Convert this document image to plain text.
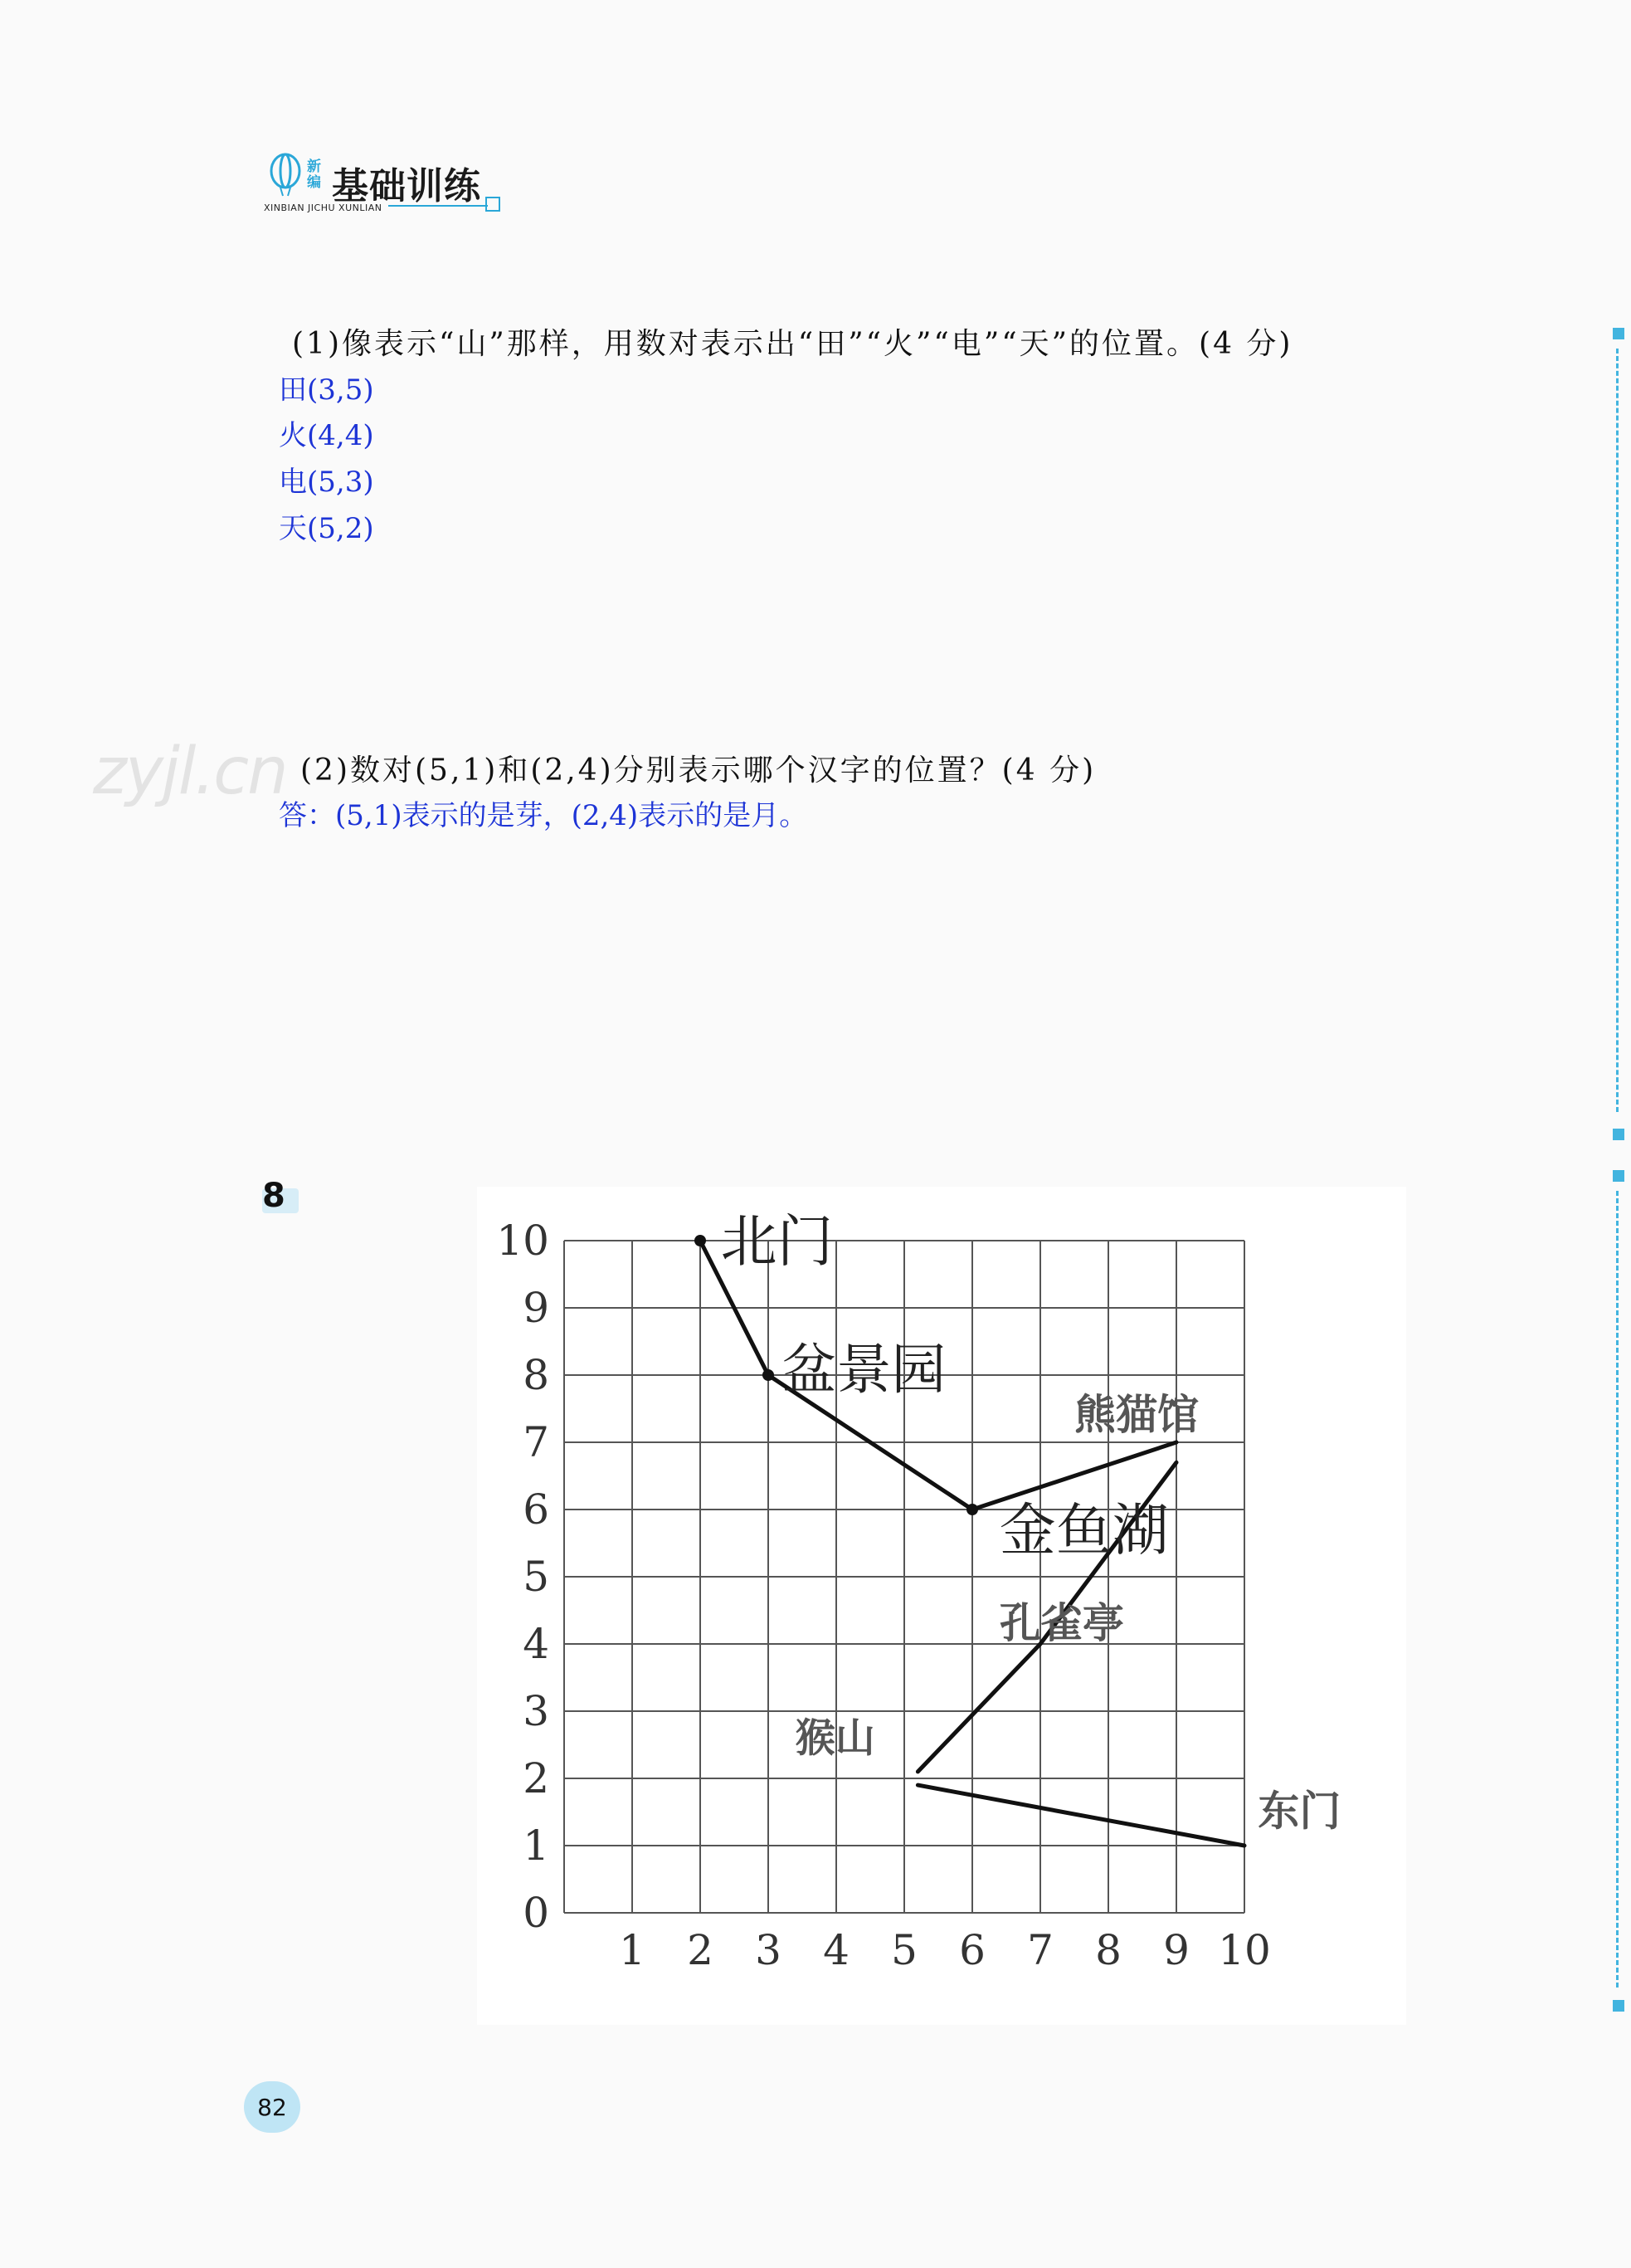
新编 基础训练
XINBIAN JICHU XUNLIAN
(1)像表示“山”那样，用数对表示出“田”“火”“电”“天”的位置。(4 分)
田(3,5)
火(4,4)
电(5,3)
天(5,2)
zyjl.cn (2)数对(5,1)和(2,4)分别表示哪个汉字的位置？(4 分)
答：(5,1)表示的是芽，(2,4)表示的是月。
8
1 2 3 4 5 6 7 8 9 10
0
1
2
3
4
5
6
7
8
9
10	北门
盆景园
熊猫馆
金鱼湖
孔雀亭
猴山
东门
82
